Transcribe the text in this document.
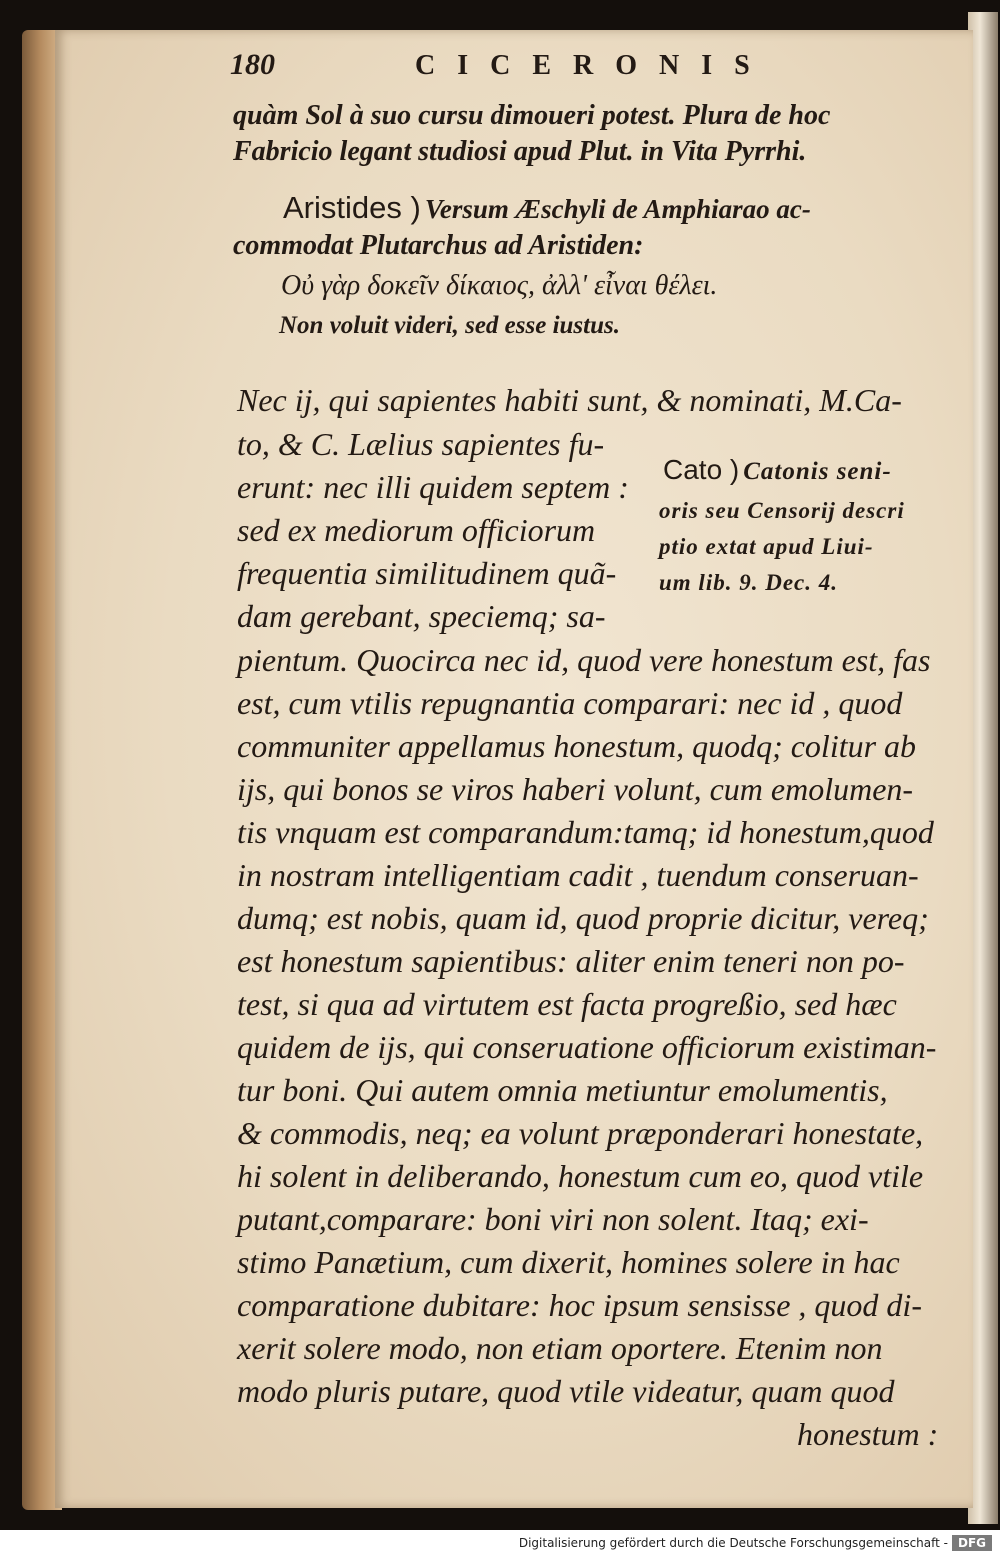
180	CICERONIS
quàm Sol à suo cursu dimoueri potest. Plura de hoc
Fabricio legant studiosi apud Plut. in Vita Pyrrhi.
Aristides ) Versum Æschyli de Amphiarao ac-
commodat Plutarchus ad Aristiden:
Οὐ γὰρ δοκεῖν δίκαιος, ἀλλ' εἶναι θέλει.
Non voluit videri, sed esse iustus.
Nec ij, qui sapientes habiti sunt, & nominati, M.Ca-
to, & C. Lælius sapientes fu-
erunt: nec illi quidem septem :
sed ex mediorum officiorum
frequentia similitudinem quã-
dam gerebant, speciemq; sa-
Cato ) Catonis seni-
oris seu Censorij descri
ptio extat apud Liui-
um lib. 9. Dec. 4.
pientum. Quocirca nec id, quod vere honestum est, fas
est, cum vtilis repugnantia comparari: nec id , quod
communiter appellamus honestum, quodq; colitur ab
ijs, qui bonos se viros haberi volunt, cum emolumen-
tis vnquam est comparandum:tamq; id honestum,quod
in nostram intelligentiam cadit , tuendum conseruan-
dumq; est nobis, quam id, quod proprie dicitur, vereq;
est honestum sapientibus: aliter enim teneri non po-
test, si qua ad virtutem est facta progreßio, sed hæc
quidem de ijs, qui conseruatione officiorum existiman-
tur boni. Qui autem omnia metiuntur emolumentis,
& commodis, neq; ea volunt præponderari honestate,
hi solent in deliberando, honestum cum eo, quod vtile
putant,comparare: boni viri non solent. Itaq; exi-
stimo Panætium, cum dixerit, homines solere in hac
comparatione dubitare: hoc ipsum sensisse , quod di-
xerit solere modo, non etiam oportere. Etenim non
modo pluris putare, quod vtile videatur, quam quod
honestum :
Digitalisierung gefördert durch die Deutsche Forschungsgemeinschaft - DFG
